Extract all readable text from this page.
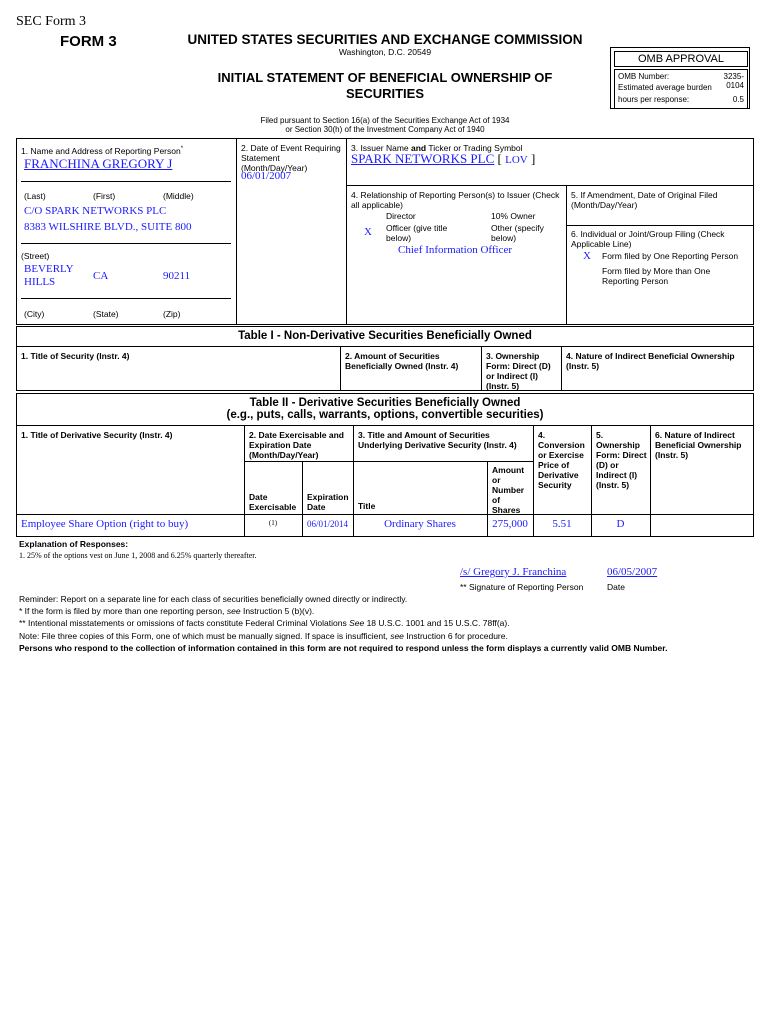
SEC Form 3
FORM 3	UNITED STATES SECURITIES AND EXCHANGE COMMISSION
Washington, D.C. 20549
INITIAL STATEMENT OF BENEFICIAL OWNERSHIP OF SECURITIES
OMB APPROVAL
OMB Number:	3235-0104
Estimated average burden
hours per response:	0.5
Filed pursuant to Section 16(a) of the Securities Exchange Act of 1934
or Section 30(h) of the Investment Company Act of 1940
1. Name and Address of Reporting Person*
FRANCHINA GREGORY J
(Last)	(First)	(Middle)
C/O SPARK NETWORKS PLC
8383 WILSHIRE BLVD., SUITE 800
(Street)
BEVERLY HILLS	CA	90211
(City)	(State)	(Zip)
2. Date of Event Requiring Statement (Month/Day/Year)
06/01/2007
3. Issuer Name and Ticker or Trading Symbol
SPARK NETWORKS PLC [ LOV ]
4. Relationship of Reporting Person(s) to Issuer (Check all applicable)
Director	10% Owner
X Officer (give title below)
Other (specify below)
Chief Information Officer
5. If Amendment, Date of Original Filed (Month/Day/Year)
6. Individual or Joint/Group Filing (Check Applicable Line)
X Form filed by One Reporting Person
Form filed by More than One Reporting Person
Table I - Non-Derivative Securities Beneficially Owned
1. Title of Security (Instr. 4)	2. Amount of Securities Beneficially Owned (Instr. 4)
3. Ownership Form: Direct (D) or Indirect (I) (Instr. 5)
4. Nature of Indirect Beneficial Ownership (Instr. 5)
Table II - Derivative Securities Beneficially Owned
(e.g., puts, calls, warrants, options, convertible securities)
1. Title of Derivative Security (Instr. 4)	2. Date Exercisable and Expiration Date (Month/Day/Year)
3. Title and Amount of Securities Underlying Derivative Security (Instr. 4)
4. Conversion or Exercise Price of Derivative Security
5. Ownership Form: Direct (D) or Indirect (I) (Instr. 5)
6. Nature of Indirect Beneficial Ownership (Instr. 5)
Date Exercisable
Expiration Date	Title
Amount or Number of Shares
Employee Share Option (right to buy)	(1)	06/01/2014	Ordinary Shares	275,000	5.51	D
Explanation of Responses:
1. 25% of the options vest on June 1, 2008 and 6.25% quarterly thereafter.
/s/ Gregory J. Franchina	06/05/2007
** Signature of Reporting Person	Date
Reminder: Report on a separate line for each class of securities beneficially owned directly or indirectly.
* If the form is filed by more than one reporting person, see Instruction 5 (b)(v).
** Intentional misstatements or omissions of facts constitute Federal Criminal Violations See 18 U.S.C. 1001 and 15 U.S.C. 78ff(a).
Note: File three copies of this Form, one of which must be manually signed. If space is insufficient, see Instruction 6 for procedure.
Persons who respond to the collection of information contained in this form are not required to respond unless the form displays a currently valid OMB Number.
